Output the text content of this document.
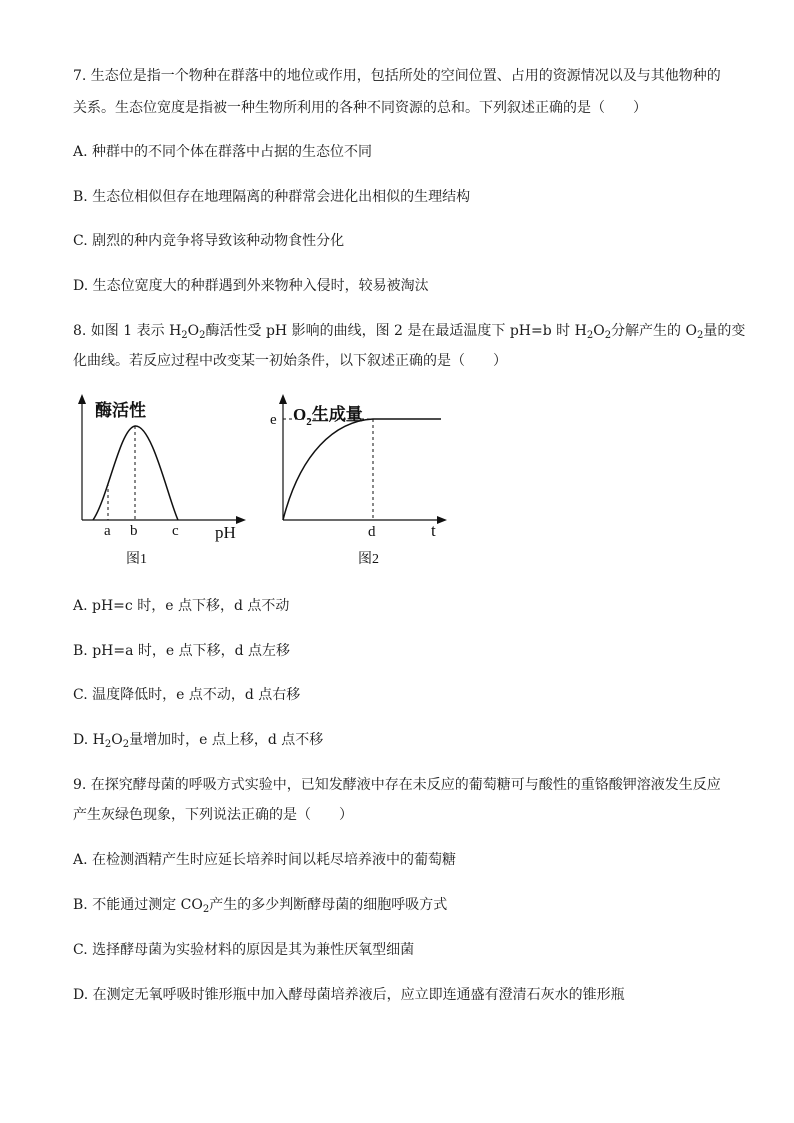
7. 生态位是指一个物种在群落中的地位或作用，包括所处的空间位置、占用的资源情况以及与其他物种的
关系。生态位宽度是指被一种生物所利用的各种不同资源的总和。下列叙述正确的是（　　）
A. 种群中的不同个体在群落中占据的生态位不同
B. 生态位相似但存在地理隔离的种群常会进化出相似的生理结构
C. 剧烈的种内竞争将导致该种动物食性分化
D. 生态位宽度大的种群遇到外来物种入侵时，较易被淘汰
8. 如图 1 表示 $H_2O_2$酶活性受 pH 影响的曲线，图 2 是在最适温度下 pH=b 时 $H_2O_2$分解产生的 $O_2$量的变
化曲线。若反应过程中改变某一初始条件，以下叙述正确的是（　　）
酶活性
a b c pH
图1
$O_2$生成量
e
d	t
图2
A. pH=c 时，e 点下移，d 点不动
B. pH=a 时，e 点下移，d 点左移
C. 温度降低时，e 点不动，d 点右移
D. $H_2O_2$量增加时，e 点上移，d 点不移
9. 在探究酵母菌的呼吸方式实验中，已知发酵液中存在未反应的葡萄糖可与酸性的重铬酸钾溶液发生反应
产生灰绿色现象，下列说法正确的是（　　）
A. 在检测酒精产生时应延长培养时间以耗尽培养液中的葡萄糖
B. 不能通过测定 $CO_2$产生的多少判断酵母菌的细胞呼吸方式
C. 选择酵母菌为实验材料的原因是其为兼性厌氧型细菌
D. 在测定无氧呼吸时锥形瓶中加入酵母菌培养液后，应立即连通盛有澄清石灰水的锥形瓶
